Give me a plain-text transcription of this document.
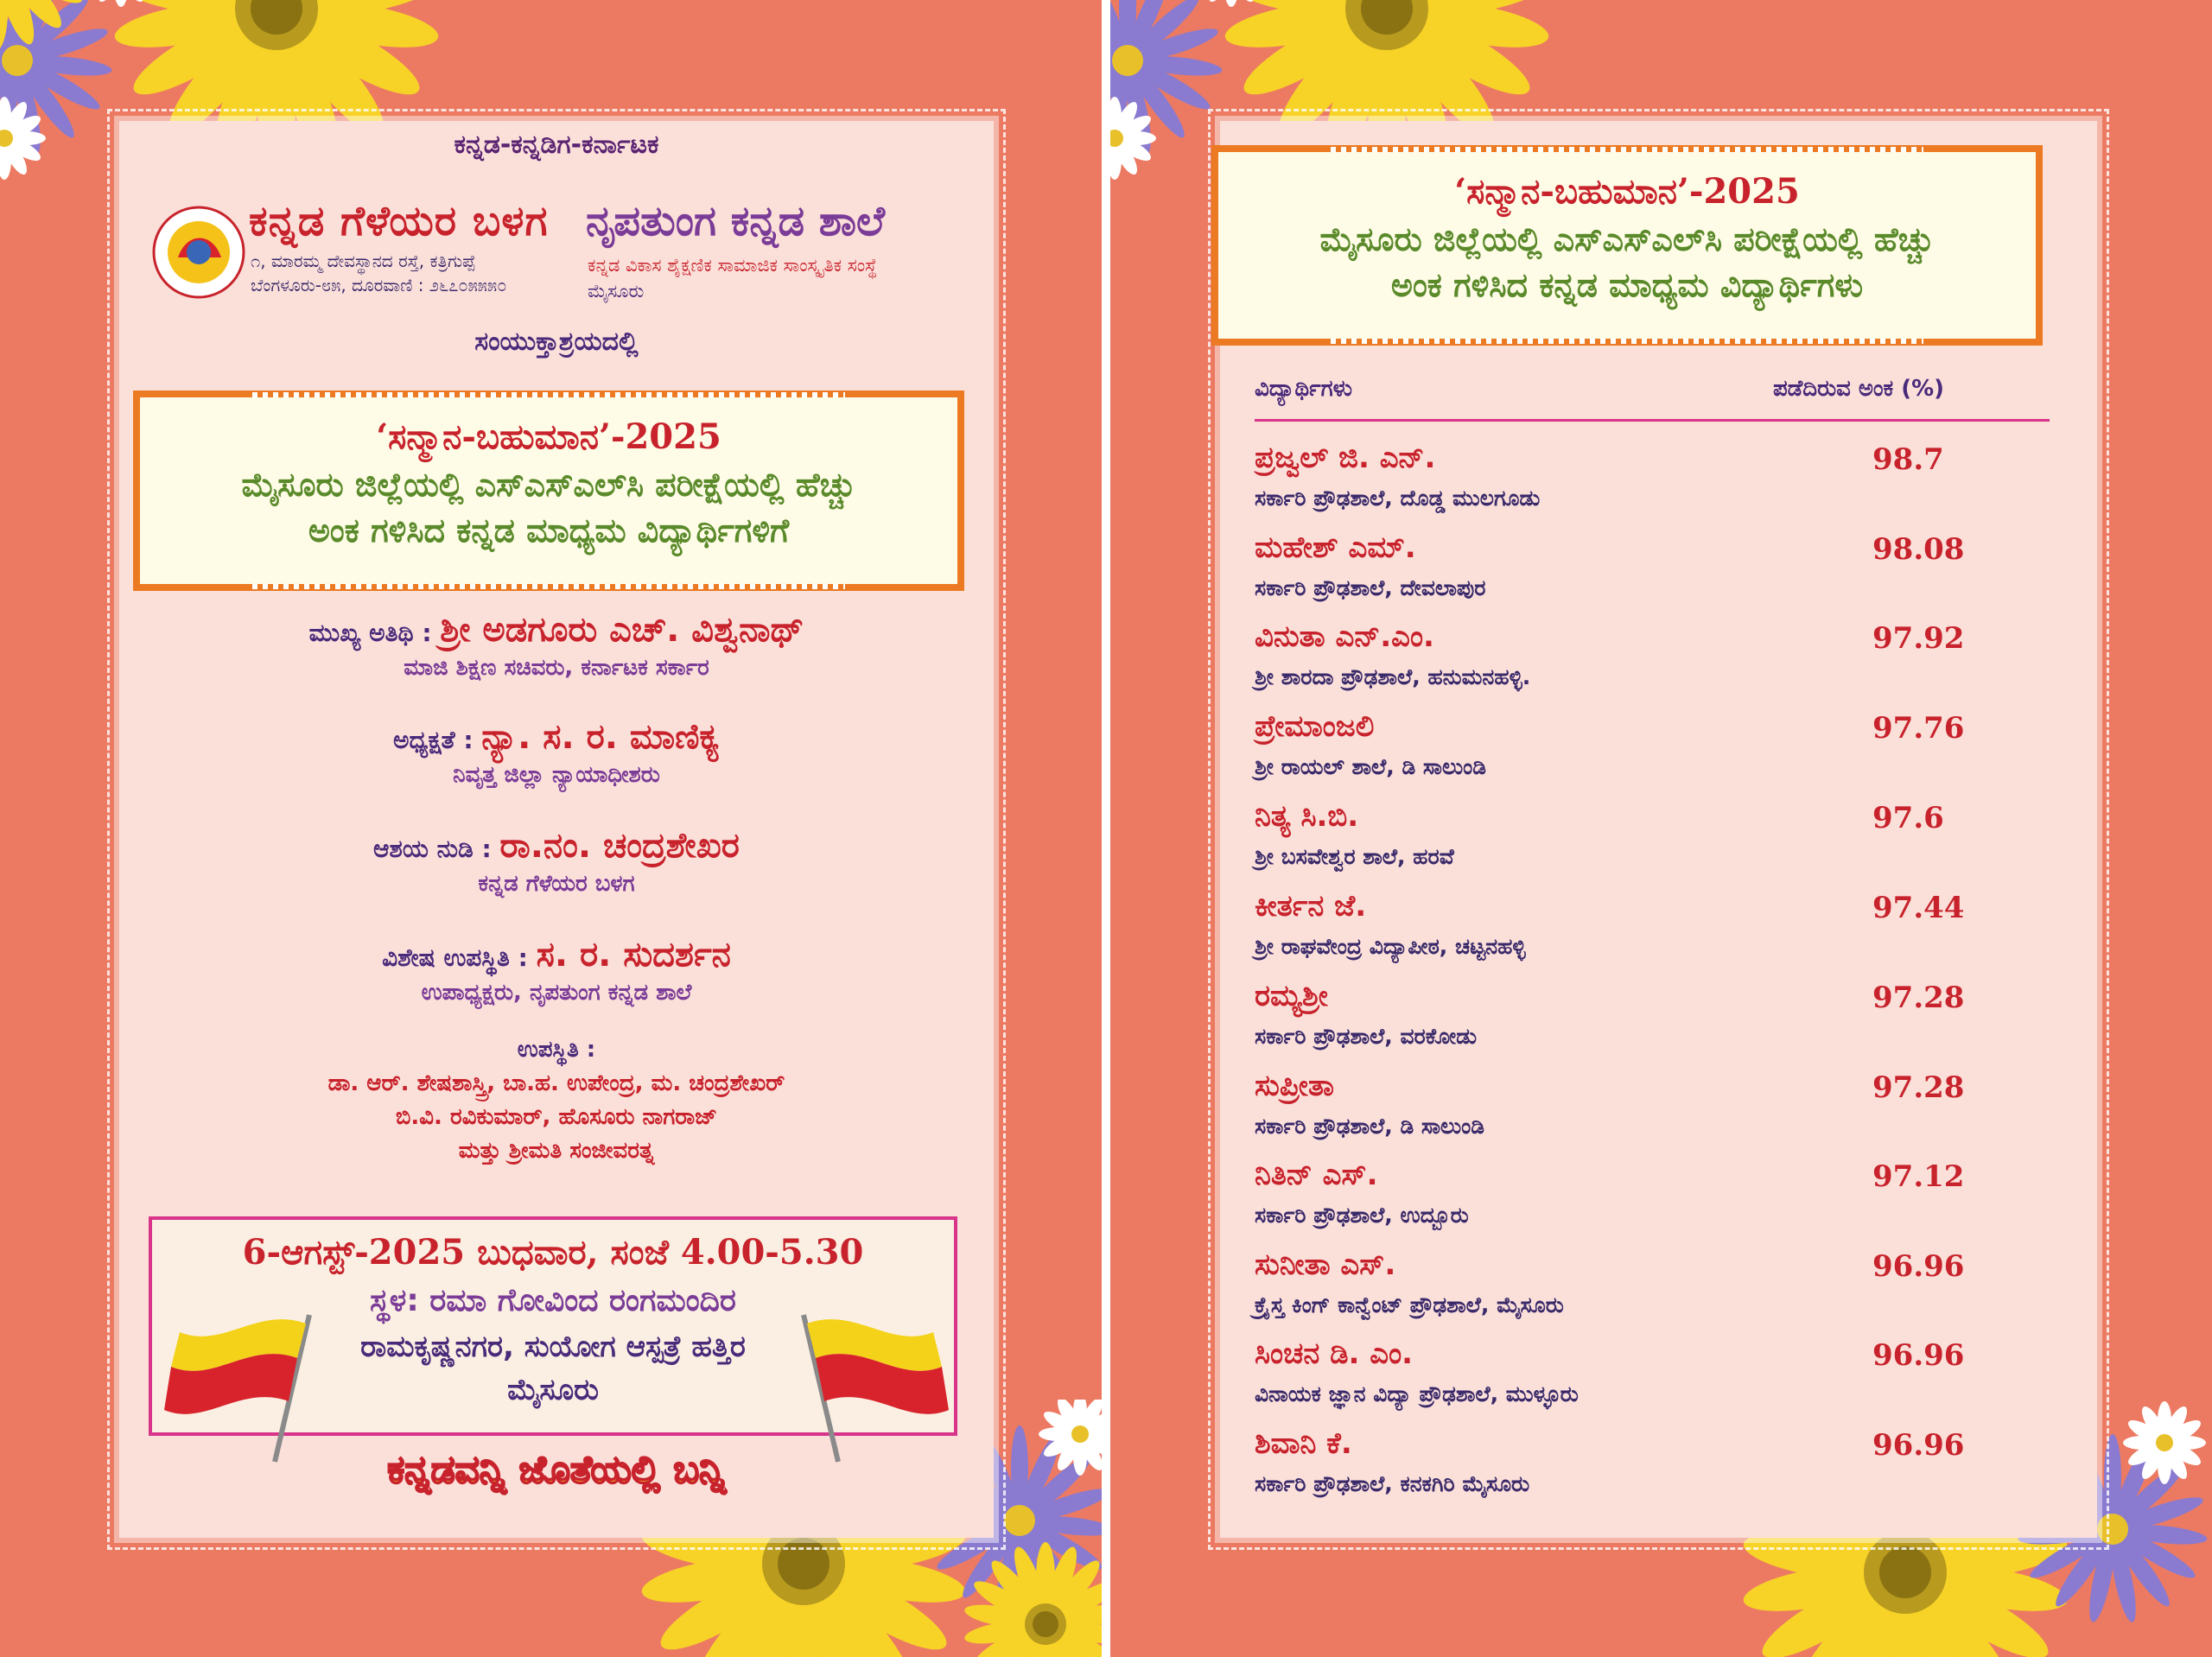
ಕನ್ನಡ-ಕನ್ನಡಿಗ-ಕರ್ನಾಟಕ
ಕನ್ನಡ ಗೆಳೆಯರ ಬಳಗ
೧, ಮಾರಮ್ಮ ದೇವಸ್ಥಾನದ ರಸ್ತೆ, ಕತ್ರಿಗುಪ್ಪೆ
ಬೆಂಗಳೂರು-೮೫, ದೂರವಾಣಿ : ೨೬೭೦೫೫೫೦
ನೃಪತುಂಗ ಕನ್ನಡ ಶಾಲೆ
ಕನ್ನಡ ವಿಕಾಸ ಶೈಕ್ಷಣಿಕ ಸಾಮಾಜಿಕ ಸಾಂಸ್ಕೃತಿಕ ಸಂಸ್ಥೆ
ಮೈಸೂರು
ಸಂಯುಕ್ತಾಶ್ರಯದಲ್ಲಿ
‘ಸನ್ಮಾನ-ಬಹುಮಾನ’-2025
ಮೈಸೂರು ಜಿಲ್ಲೆಯಲ್ಲಿ ಎಸ್‌ಎಸ್‌ಎಲ್‌ಸಿ ಪರೀಕ್ಷೆಯಲ್ಲಿ ಹೆಚ್ಚು
ಅಂಕ ಗಳಿಸಿದ ಕನ್ನಡ ಮಾಧ್ಯಮ ವಿದ್ಯಾರ್ಥಿಗಳಿಗೆ
ಮುಖ್ಯ ಅತಿಥಿ : ಶ್ರೀ ಅಡಗೂರು ಎಚ್. ವಿಶ್ವನಾಥ್
ಮಾಜಿ ಶಿಕ್ಷಣ ಸಚಿವರು, ಕರ್ನಾಟಕ ಸರ್ಕಾರ
ಅಧ್ಯಕ್ಷತೆ : ನ್ಯಾ. ಸ. ರ. ಮಾಣಿಕ್ಯ
ನಿವೃತ್ತ ಜಿಲ್ಲಾ ನ್ಯಾಯಾಧೀಶರು
ಆಶಯ ನುಡಿ : ರಾ.ನಂ. ಚಂದ್ರಶೇಖರ
ಕನ್ನಡ ಗೆಳೆಯರ ಬಳಗ
ವಿಶೇಷ ಉಪಸ್ಥಿತಿ : ಸ. ರ. ಸುದರ್ಶನ
ಉಪಾಧ್ಯಕ್ಷರು, ನೃಪತುಂಗ ಕನ್ನಡ ಶಾಲೆ
ಉಪಸ್ಥಿತಿ :
ಡಾ. ಆರ್. ಶೇಷಶಾಸ್ತ್ರಿ, ಬಾ.ಹ. ಉಪೇಂದ್ರ, ಮ. ಚಂದ್ರಶೇಖರ್
ಬಿ.ವಿ. ರವಿಕುಮಾರ್, ಹೊಸೂರು ನಾಗರಾಜ್
ಮತ್ತು ಶ್ರೀಮತಿ ಸಂಜೀವರತ್ನ
6-ಆಗಸ್ಟ್-2025 ಬುಧವಾರ, ಸಂಜೆ 4.00-5.30
ಸ್ಥಳ: ರಮಾ ಗೋವಿಂದ ರಂಗಮಂದಿರ
ರಾಮಕೃಷ್ಣನಗರ, ಸುಯೋಗ ಆಸ್ಪತ್ರೆ ಹತ್ತಿರ
ಮೈಸೂರು
ಕನ್ನಡವನ್ನಿ ಜೊತೆಯಲ್ಲಿ ಬನ್ನಿ
‘ಸನ್ಮಾನ-ಬಹುಮಾನ’-2025
ಮೈಸೂರು ಜಿಲ್ಲೆಯಲ್ಲಿ ಎಸ್‌ಎಸ್‌ಎಲ್‌ಸಿ ಪರೀಕ್ಷೆಯಲ್ಲಿ ಹೆಚ್ಚು
ಅಂಕ ಗಳಿಸಿದ ಕನ್ನಡ ಮಾಧ್ಯಮ ವಿದ್ಯಾರ್ಥಿಗಳು
ವಿದ್ಯಾರ್ಥಿಗಳು	ಪಡೆದಿರುವ ಅಂಕ (%)
ಪ್ರಜ್ವಲ್ ಜಿ. ಎನ್.
ಸರ್ಕಾರಿ ಪ್ರೌಢಶಾಲೆ, ದೊಡ್ಡ ಮುಲಗೂಡು
98.7
ಮಹೇಶ್ ಎಮ್.
ಸರ್ಕಾರಿ ಪ್ರೌಢಶಾಲೆ, ದೇವಲಾಪುರ
98.08
ವಿನುತಾ ಎನ್.ಎಂ.
ಶ್ರೀ ಶಾರದಾ ಪ್ರೌಢಶಾಲೆ, ಹನುಮನಹಳ್ಳಿ.
97.92
ಪ್ರೇಮಾಂಜಲಿ
ಶ್ರೀ ರಾಯಲ್ ಶಾಲೆ, ಡಿ ಸಾಲುಂಡಿ
97.76
ನಿತ್ಯ ಸಿ.ಬಿ.
ಶ್ರೀ ಬಸವೇಶ್ವರ ಶಾಲೆ, ಹರವೆ
97.6
ಕೀರ್ತನ ಜೆ.
ಶ್ರೀ ರಾಘವೇಂದ್ರ ವಿದ್ಯಾಪೀಠ, ಚಟ್ಟನಹಳ್ಳಿ
97.44
ರಮ್ಯಶ್ರೀ
ಸರ್ಕಾರಿ ಪ್ರೌಢಶಾಲೆ, ವರಕೋಡು
97.28
ಸುಪ್ರೀತಾ
ಸರ್ಕಾರಿ ಪ್ರೌಢಶಾಲೆ, ಡಿ ಸಾಲುಂಡಿ
97.28
ನಿತಿನ್ ಎಸ್.
ಸರ್ಕಾರಿ ಪ್ರೌಢಶಾಲೆ, ಉದ್ಬೂರು
97.12
ಸುನೀತಾ ಎಸ್.
ಕ್ರೈಸ್ತ ಕಿಂಗ್ ಕಾನ್ವೆಂಟ್ ಪ್ರೌಢಶಾಲೆ, ಮೈಸೂರು
96.96
ಸಿಂಚನ ಡಿ. ಎಂ.
ವಿನಾಯಕ ಜ್ಞಾನ ವಿದ್ಯಾ ಪ್ರೌಢಶಾಲೆ, ಮುಳ್ಳೂರು
96.96
ಶಿವಾನಿ ಕೆ.
ಸರ್ಕಾರಿ ಪ್ರೌಢಶಾಲೆ, ಕನಕಗಿರಿ ಮೈಸೂರು
96.96
